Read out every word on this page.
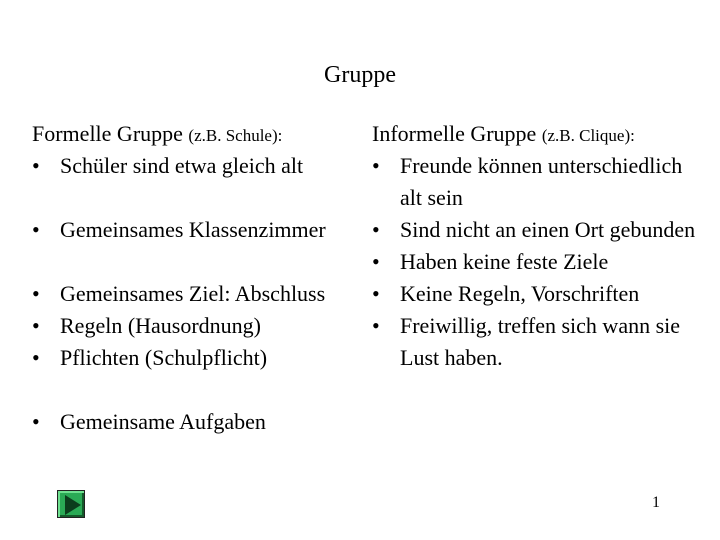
Gruppe
Formelle Gruppe (z.B. Schule):
• Schüler sind etwa gleich alt
• Gemeinsames Klassenzimmer
• Gemeinsames Ziel: Abschluss
• Regeln (Hausordnung)
• Pflichten (Schulpflicht)
• Gemeinsame Aufgaben
Informelle Gruppe (z.B. Clique):
• Freunde können unterschiedlich alt sein
• Sind nicht an einen Ort gebunden
• Haben keine feste Ziele
• Keine Regeln, Vorschriften
• Freiwillig, treffen sich wann sie Lust haben.
1
